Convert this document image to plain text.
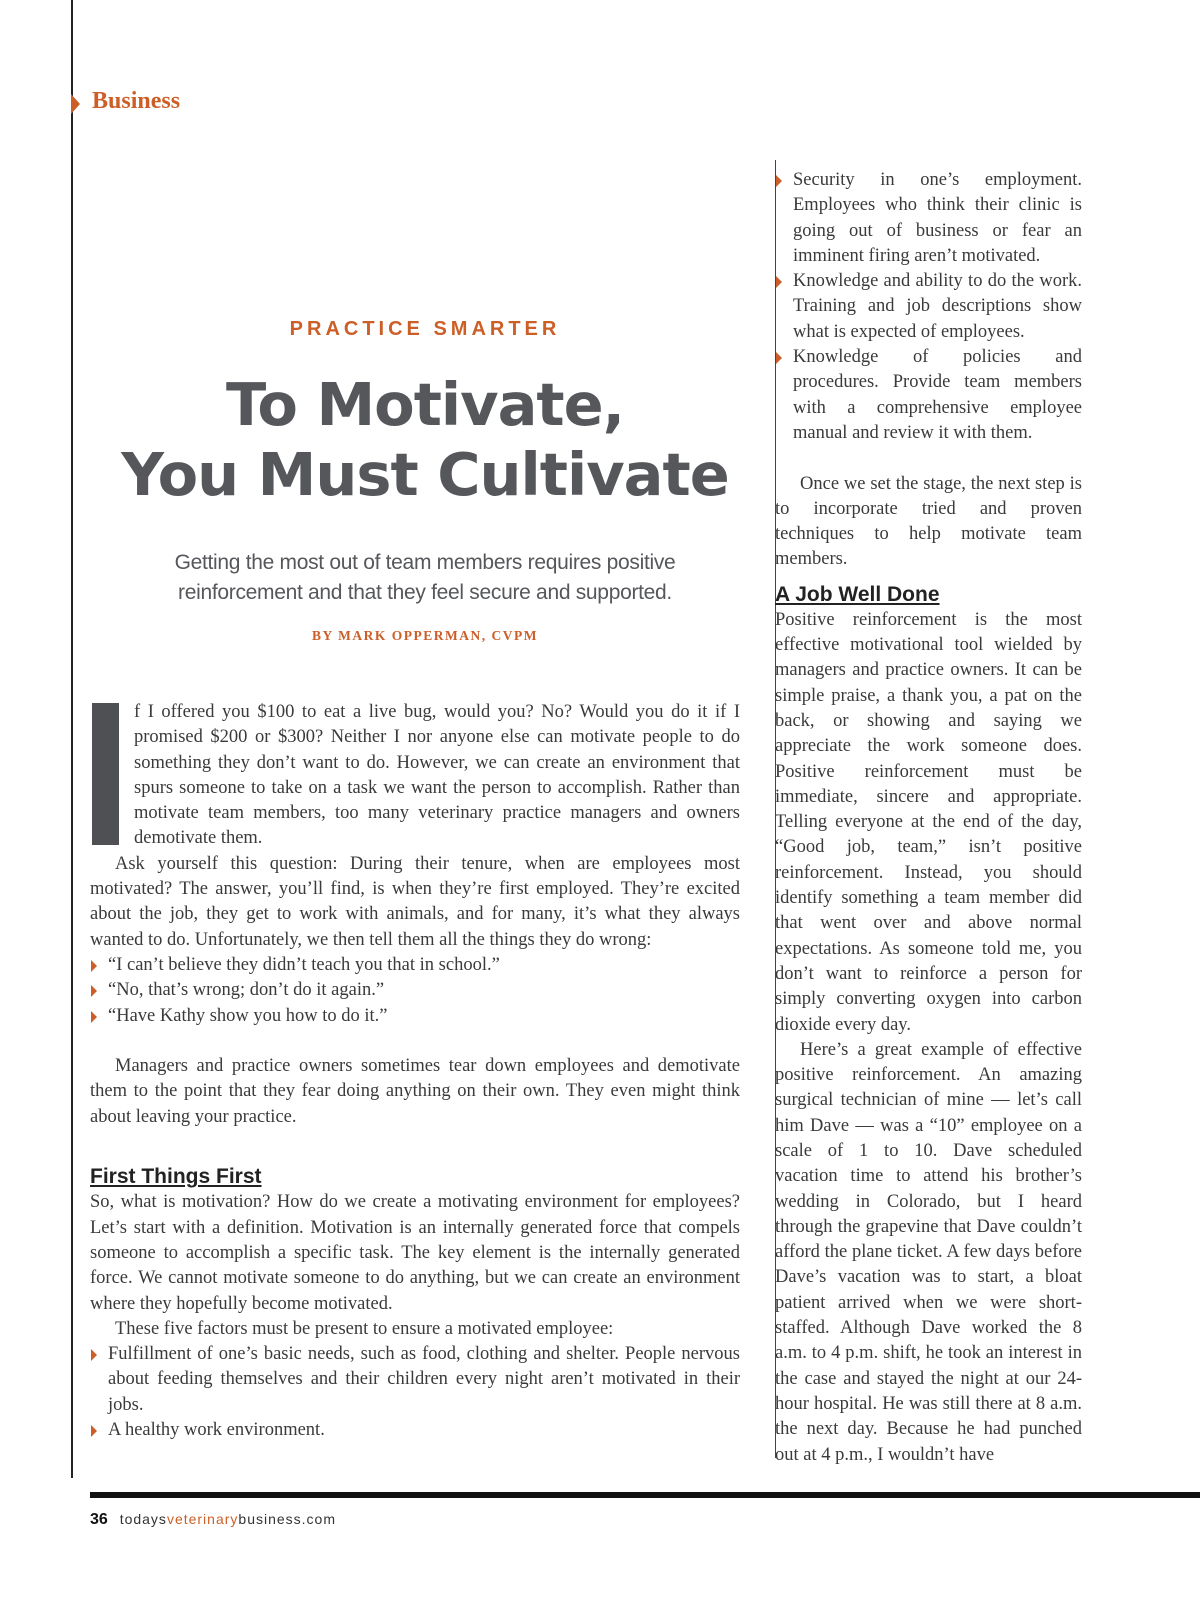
Business
PRACTICE SMARTER
To Motivate,
You Must Cultivate
Getting the most out of team members requires positive
reinforcement and that they feel secure and supported.
BY MARK OPPERMAN, CVPM

f I offered you $100 to eat a live bug, would you? No? Would you do it if I promised $200 or $300? Neither I nor anyone else can motivate people to do something they don’t want to do. However, we can create an environment that spurs someone to take on a task we want the person to accomplish. Rather than motivate team members, too many veterinary practice managers and owners demotivate them.

Ask yourself this question: During their tenure, when are employees most motivated? The answer, you’ll find, is when they’re first employed. They’re excited about the job, they get to work with animals, and for many, it’s what they always wanted to do. Unfortunately, we then tell them all the things they do wrong:

“I can’t believe they didn’t teach you that in school.”

“No, that’s wrong; don’t do it again.”

“Have Kathy show you how to do it.”

Managers and practice owners sometimes tear down employees and demotivate them to the point that they fear doing anything on their own. They even might think about leaving your practice.

First Things First

So, what is motivation? How do we create a motivating environment for employees? Let’s start with a definition. Motivation is an internally generated force that compels someone to accomplish a specific task. The key element is the internally generated force. We cannot motivate someone to do anything, but we can create an environment where they hopefully become motivated.

These five factors must be present to ensure a motivated employee:

Fulfillment of one’s basic needs, such as food, clothing and shelter. People nervous about feeding themselves and their children every night aren’t motivated in their jobs.

A healthy work environment.

Security in one’s employment. Employees who think their clinic is going out of business or fear an imminent firing aren’t motivated.

Knowledge and ability to do the work. Training and job descriptions show what is expected of employees.

Knowledge of policies and procedures. Provide team members with a comprehensive employee manual and review it with them.

Once we set the stage, the next step is to incorporate tried and proven techniques to help motivate team members.

A Job Well Done

Positive reinforcement is the most effective motivational tool wielded by managers and practice owners. It can be simple praise, a thank you, a pat on the back, or showing and saying we appreciate the work someone does. Positive reinforcement must be immediate, sincere and appropriate. Telling everyone at the end of the day, “Good job, team,” isn’t positive reinforcement. Instead, you should identify something a team member did that went over and above normal expectations. As someone told me, you don’t want to reinforce a person for simply converting oxygen into carbon dioxide every day.

Here’s a great example of effective positive reinforcement. An amazing surgical technician of mine — let’s call him Dave — was a “10” employee on a scale of 1 to 10. Dave scheduled vacation time to attend his brother’s wedding in Colorado, but I heard through the grapevine that Dave couldn’t afford the plane ticket. A few days before Dave’s vacation was to start, a bloat patient arrived when we were short-staffed. Although Dave worked the 8 a.m. to 4 p.m. shift, he took an interest in the case and stayed the night at our 24-hour hospital. He was still there at 8 a.m. the next day. Because he had punched out at 4 p.m., I wouldn’t have

36 todaysveterinarybusiness.com
